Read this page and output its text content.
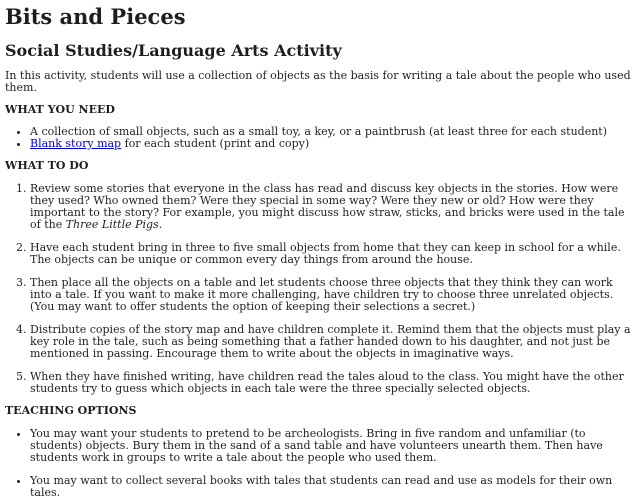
Bits and Pieces
Social Studies/Language Arts Activity

In this activity, students will use a collection of objects as the basis for writing a tale about the people who used them.

WHAT YOU NEED
• A collection of small objects, such as a small toy, a key, or a paintbrush (at least three for each student)
• Blank story map for each student (print and copy)
WHAT TO DO
1. Review some stories that everyone in the class has read and discuss key objects in the stories. How were they used? Who owned them? Were they special in some way? Were they new or old? How were they important to the story? For example, you might discuss how straw, sticks, and bricks were used in the tale of the Three Little Pigs.
2. Have each student bring in three to five small objects from home that they can keep in school for a while. The objects can be unique or common every day things from around the house.
3. Then place all the objects on a table and let students choose three objects that they think they can work into a tale. If you want to make it more challenging, have children try to choose three unrelated objects. (You may want to offer students the option of keeping their selections a secret.)
4. Distribute copies of the story map and have children complete it. Remind them that the objects must play a key role in the tale, such as being something that a father handed down to his daughter, and not just be mentioned in passing. Encourage them to write about the objects in imaginative ways.
5. When they have finished writing, have children read the tales aloud to the class. You might have the other students try to guess which objects in each tale were the three specially selected objects.
TEACHING OPTIONS
• You may want your students to pretend to be archeologists. Bring in five random and unfamiliar (to students) objects. Bury them in the sand of a sand table and have volunteers unearth them. Then have students work in groups to write a tale about the people who used them.
• You may want to collect several books with tales that students can read and use as models for their own tales.
